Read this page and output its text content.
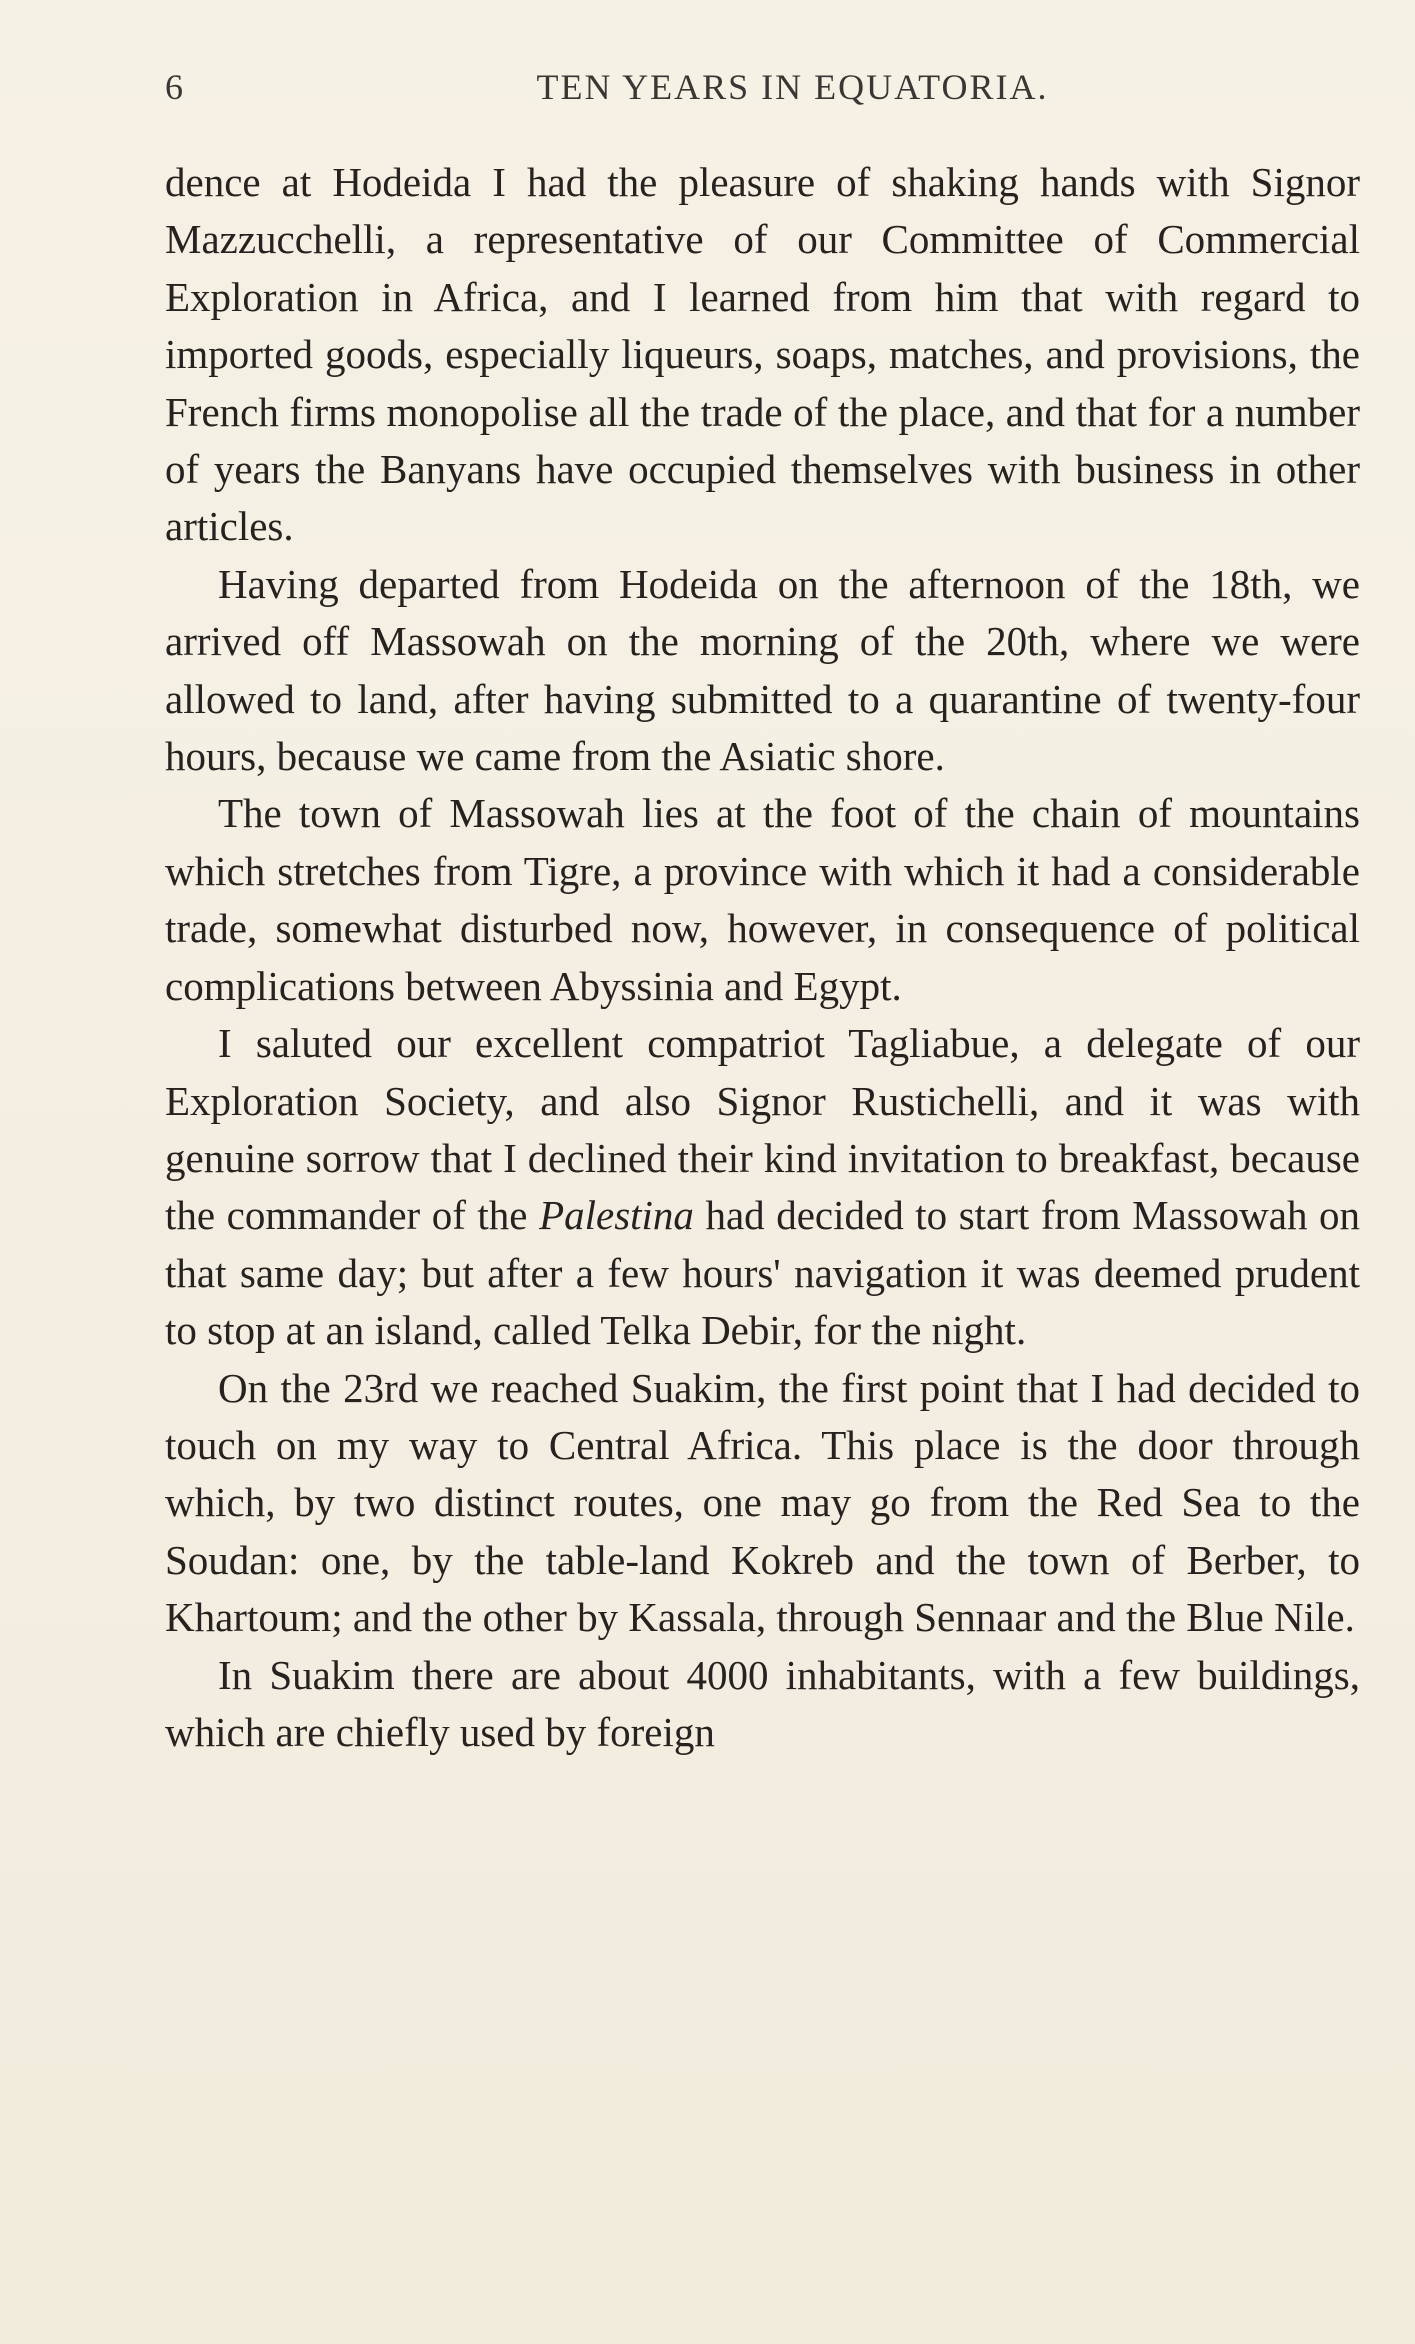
6	TEN YEARS IN EQUATORIA.

dence at Hodeida I had the pleasure of shaking hands with Signor Mazzucchelli, a representative of our Committee of Commercial Exploration in Africa, and I learned from him that with regard to imported goods, especially liqueurs, soaps, matches, and provisions, the French firms monopolise all the trade of the place, and that for a number of years the Banyans have occupied themselves with business in other articles.

Having departed from Hodeida on the afternoon of the 18th, we arrived off Massowah on the morning of the 20th, where we were allowed to land, after having submitted to a quarantine of twenty-four hours, because we came from the Asiatic shore.

The town of Massowah lies at the foot of the chain of mountains which stretches from Tigre, a province with which it had a considerable trade, somewhat disturbed now, however, in consequence of political complications between Abyssinia and Egypt.

I saluted our excellent compatriot Tagliabue, a delegate of our Exploration Society, and also Signor Rustichelli, and it was with genuine sorrow that I declined their kind invitation to breakfast, because the commander of the Palestina had decided to start from Massowah on that same day; but after a few hours' navigation it was deemed prudent to stop at an island, called Telka Debir, for the night.

On the 23rd we reached Suakim, the first point that I had decided to touch on my way to Central Africa. This place is the door through which, by two distinct routes, one may go from the Red Sea to the Soudan: one, by the table-land Kokreb and the town of Berber, to Khartoum; and the other by Kassala, through Sennaar and the Blue Nile.

In Suakim there are about 4000 inhabitants, with a few buildings, which are chiefly used by foreign
